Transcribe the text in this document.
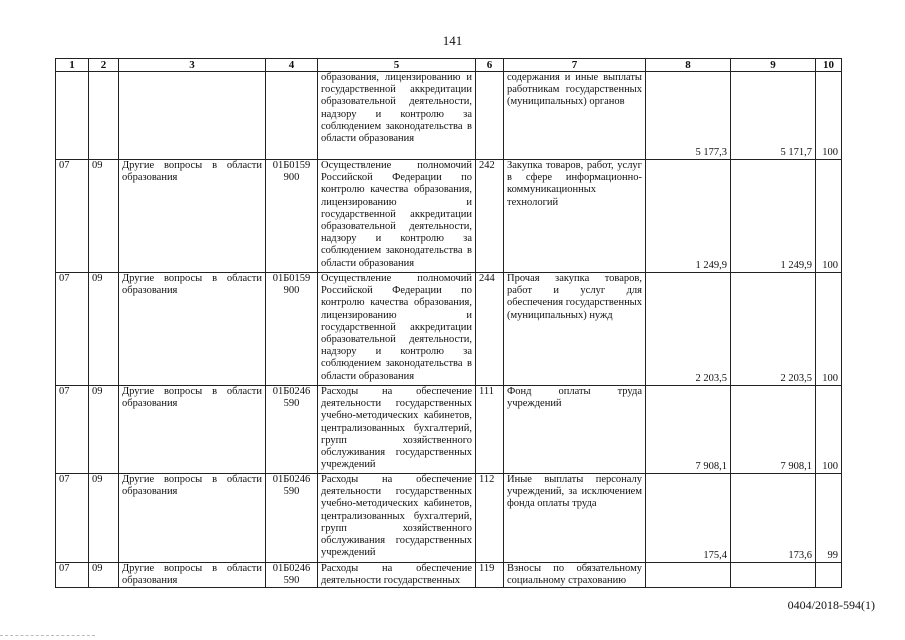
141
1	2	3	4	5	6	7	8	9	10
				образования, лицензированию и государственной аккредитации образовательной деятельности, надзору и контролю за соблюдением законодательства в области образования		содержания и иные выплаты работникам государственных (муниципальных) органов	5 177,3	5 171,7	100
07	09	Другие вопросы в области образования	01Б0159 900	Осуществление полномочий Российской Федерации по контролю качества образования, лицензированию и государственной аккредитации образовательной деятельности, надзору и контролю за соблюдением законодательства в области образования	242	Закупка товаров, работ, услуг в сфере информационно-коммуникационных технологий	1 249,9	1 249,9	100
07	09	Другие вопросы в области образования	01Б0159 900	Осуществление полномочий Российской Федерации по контролю качества образования, лицензированию и государственной аккредитации образовательной деятельности, надзору и контролю за соблюдением законодательства в области образования	244	Прочая закупка товаров, работ и услуг для обеспечения государственных (муниципальных) нужд	2 203,5	2 203,5	100
07	09	Другие вопросы в области образования	01Б0246 590	Расходы на обеспечение деятельности государственных учебно-методических кабинетов, централизованных бухгалтерий, групп хозяйственного обслуживания государственных учреждений	111	Фонд оплаты труда учреждений	7 908,1	7 908,1	100
07	09	Другие вопросы в области образования	01Б0246 590	Расходы на обеспечение деятельности государственных учебно-методических кабинетов, централизованных бухгалтерий, групп хозяйственного обслуживания государственных учреждений	112	Иные выплаты персоналу учреждений, за исключением фонда оплаты труда	175,4	173,6	99
07	09	Другие вопросы в области образования	01Б0246 590	Расходы на обеспечение деятельности государственных	119	Взносы по обязательному социальному страхованию			
0404/2018-594(1)
